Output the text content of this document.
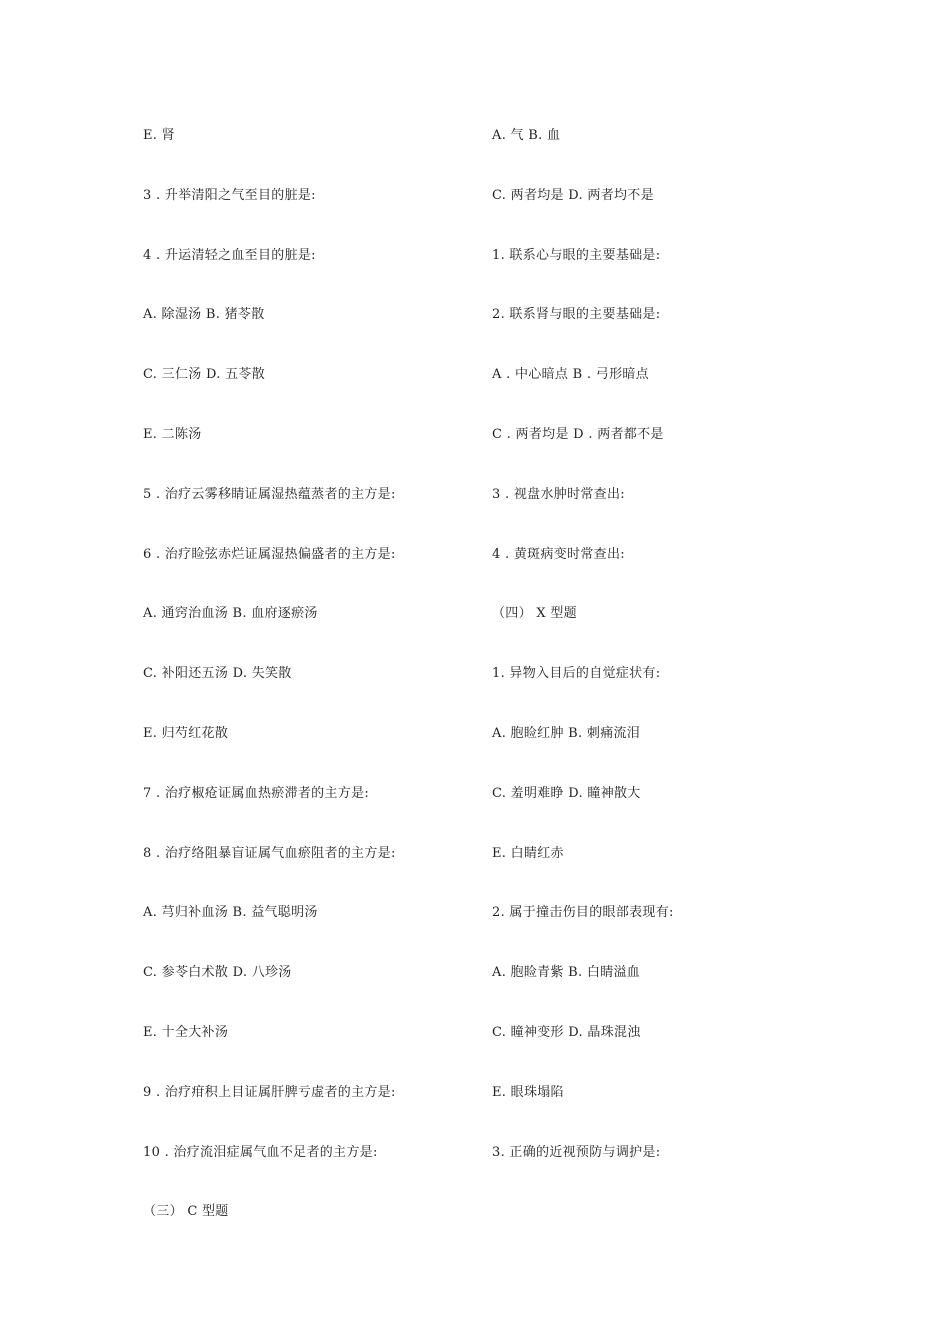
E. 肾
3 . 升举清阳之气至目的脏是:
4 . 升运清轻之血至目的脏是:
A. 除湿汤 B. 猪苓散
C. 三仁汤 D. 五苓散
E. 二陈汤
5 . 治疗云雾移睛证属湿热蕴蒸者的主方是:
6 . 治疗睑弦赤烂证属湿热偏盛者的主方是:
A. 通窍治血汤 B. 血府逐瘀汤
C. 补阳还五汤 D. 失笑散
E. 归芍红花散
7 . 治疗椒疮证属血热瘀滞者的主方是:
8 . 治疗络阻暴盲证属气血瘀阻者的主方是:
A. 芎归补血汤 B. 益气聪明汤
C. 参苓白术散 D. 八珍汤
E. 十全大补汤
9 . 治疗疳积上目证属肝脾亏虚者的主方是:
10 . 治疗流泪症属气血不足者的主方是:
（三） C 型题
A. 气 B. 血
C. 两者均是 D. 两者均不是
1. 联系心与眼的主要基础是:
2. 联系肾与眼的主要基础是:
A . 中心暗点 B . 弓形暗点
C . 两者均是 D . 两者都不是
3 . 视盘水肿时常查出:
4 . 黄斑病变时常查出:
（四） X 型题
1. 异物入目后的自觉症状有:
A. 胞睑红肿 B. 刺痛流泪
C. 羞明难睁 D. 瞳神散大
E. 白睛红赤
2. 属于撞击伤目的眼部表现有:
A. 胞睑青紫 B. 白睛溢血
C. 瞳神变形 D. 晶珠混浊
E. 眼珠塌陷
3. 正确的近视预防与调护是:
